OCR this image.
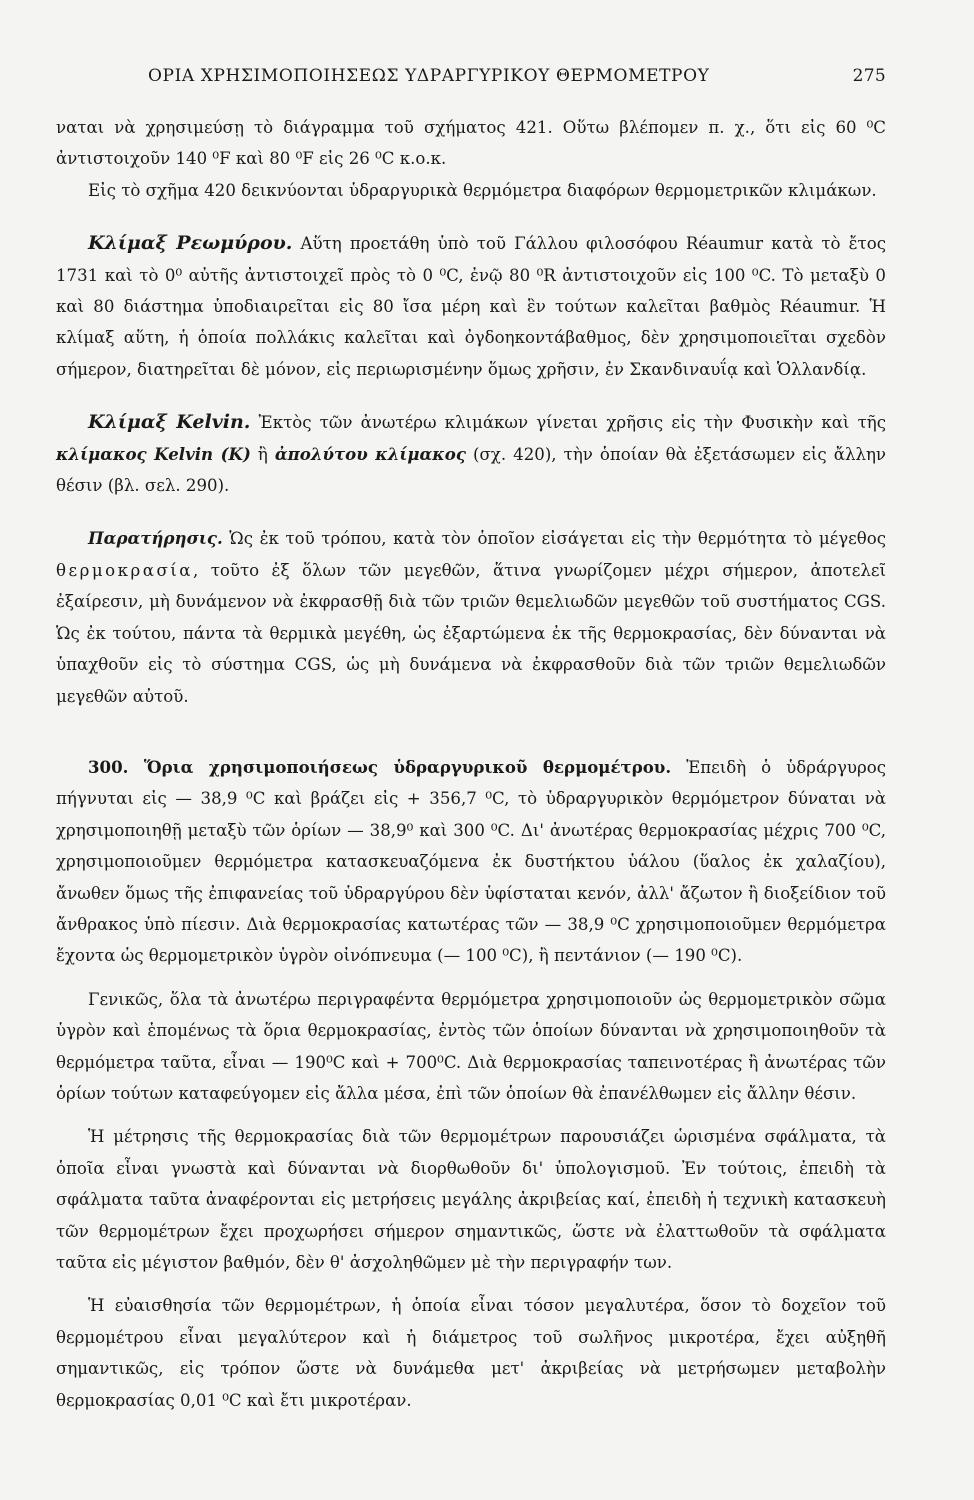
ΟΡΙΑ ΧΡΗΣΙΜΟΠΟΙΗΣΕΩΣ ΥΔΡΑΡΓΥΡΙΚΟΥ ΘΕΡΜΟΜΕΤΡΟΥ	275

ναται νὰ χρησιμεύσῃ τὸ διάγραμμα τοῦ σχήματος 421. Οὕτω βλέπομεν π. χ., ὅτι εἰς 60 ⁰C ἀντιστοιχοῦν 140 ⁰F καὶ 80 ⁰F εἰς 26 ⁰C κ.ο.κ.

Εἰς τὸ σχῆμα 420 δεικνύονται ὑδραργυρικὰ θερμόμετρα διαφόρων θερμομετρικῶν κλιμάκων.

Κλίμαξ Ρεωμύρου. Αὕτη προετάθη ὑπὸ τοῦ Γάλλου φιλοσόφου Réaumur κατὰ τὸ ἔτος 1731 καὶ τὸ 0⁰ αὐτῆς ἀντιστοιχεῖ πρὸς τὸ 0 ⁰C, ἐνῷ 80 ⁰R ἀντιστοιχοῦν εἰς 100 ⁰C. Τὸ μεταξὺ 0 καὶ 80 διάστημα ὑποδιαιρεῖται εἰς 80 ἴσα μέρη καὶ ἓν τούτων καλεῖται βαθμὸς Réaumur. Ἡ κλίμαξ αὕτη, ἡ ὁποία πολλάκις καλεῖται καὶ ὀγδοηκοντάβαθμος, δὲν χρησιμοποιεῖται σχεδὸν σήμερον, διατηρεῖται δὲ μόνον, εἰς περιωρισμένην ὅμως χρῆσιν, ἐν Σκανδιναυΐᾳ καὶ Ὁλλανδίᾳ.

Κλίμαξ Kelvin. Ἐκτὸς τῶν ἀνωτέρω κλιμάκων γίνεται χρῆσις εἰς τὴν Φυσικὴν καὶ τῆς κλίμακος Kelvin (K) ἢ ἀπολύτου κλίμακος (σχ. 420), τὴν ὁποίαν θὰ ἐξετάσωμεν εἰς ἄλλην θέσιν (βλ. σελ. 290).

Παρατήρησις. Ὡς ἐκ τοῦ τρόπου, κατὰ τὸν ὁποῖον εἰσάγεται εἰς τὴν θερμότητα τὸ μέγεθος θερμοκρασία, τοῦτο ἐξ ὅλων τῶν μεγεθῶν, ἅτινα γνωρίζομεν μέχρι σήμερον, ἀποτελεῖ ἐξαίρεσιν, μὴ δυνάμενον νὰ ἐκφρασθῇ διὰ τῶν τριῶν θεμελιωδῶν μεγεθῶν τοῦ συστήματος CGS. Ὡς ἐκ τούτου, πάντα τὰ θερμικὰ μεγέθη, ὡς ἐξαρτώμενα ἐκ τῆς θερμοκρασίας, δὲν δύνανται νὰ ὑπαχθοῦν εἰς τὸ σύστημα CGS, ὡς μὴ δυνάμενα νὰ ἐκφρασθοῦν διὰ τῶν τριῶν θεμελιωδῶν μεγεθῶν αὐτοῦ.

300. Ὅρια χρησιμοποιήσεως ὑδραργυρικοῦ θερμομέτρου. Ἐπειδὴ ὁ ὑδράργυρος πήγνυται εἰς — 38,9 ⁰C καὶ βράζει εἰς + 356,7 ⁰C, τὸ ὑδραργυρικὸν θερμόμετρον δύναται νὰ χρησιμοποιηθῇ μεταξὺ τῶν ὁρίων — 38,9⁰ καὶ 300 ⁰C. Δι' ἀνωτέρας θερμοκρασίας μέχρις 700 ⁰C, χρησιμοποιοῦμεν θερμόμετρα κατασκευαζόμενα ἐκ δυστήκτου ὑάλου (ὕαλος ἐκ χαλαζίου), ἄνωθεν ὅμως τῆς ἐπιφανείας τοῦ ὑδραργύρου δὲν ὑφίσταται κενόν, ἀλλ' ἄζωτον ἢ διοξείδιον τοῦ ἄνθρακος ὑπὸ πίεσιν. Διὰ θερμοκρασίας κατωτέρας τῶν — 38,9 ⁰C χρησιμοποιοῦμεν θερμόμετρα ἔχοντα ὡς θερμομετρικὸν ὑγρὸν οἰνόπνευμα (— 100 ⁰C), ἢ πεντάνιον (— 190 ⁰C).

Γενικῶς, ὅλα τὰ ἀνωτέρω περιγραφέντα θερμόμετρα χρησιμοποιοῦν ὡς θερμομετρικὸν σῶμα ὑγρὸν καὶ ἑπομένως τὰ ὅρια θερμοκρασίας, ἐντὸς τῶν ὁποίων δύνανται νὰ χρησιμοποιηθοῦν τὰ θερμόμετρα ταῦτα, εἶναι — 190⁰C καὶ + 700⁰C. Διὰ θερμοκρασίας ταπεινοτέρας ἢ ἀνωτέρας τῶν ὁρίων τούτων καταφεύγομεν εἰς ἄλλα μέσα, ἐπὶ τῶν ὁποίων θὰ ἐπανέλθωμεν εἰς ἄλλην θέσιν.

Ἡ μέτρησις τῆς θερμοκρασίας διὰ τῶν θερμομέτρων παρουσιάζει ὡρισμένα σφάλματα, τὰ ὁποῖα εἶναι γνωστὰ καὶ δύνανται νὰ διορθωθοῦν δι' ὑπολογισμοῦ. Ἐν τούτοις, ἐπειδὴ τὰ σφάλματα ταῦτα ἀναφέρονται εἰς μετρήσεις μεγάλης ἀκριβείας καί, ἐπειδὴ ἡ τεχνικὴ κατασκευὴ τῶν θερμομέτρων ἔχει προχωρήσει σήμερον σημαντικῶς, ὥστε νὰ ἐλαττωθοῦν τὰ σφάλματα ταῦτα εἰς μέγιστον βαθμόν, δὲν θ' ἀσχοληθῶμεν μὲ τὴν περιγραφήν των.

Ἡ εὐαισθησία τῶν θερμομέτρων, ἡ ὁποία εἶναι τόσον μεγαλυτέρα, ὅσον τὸ δοχεῖον τοῦ θερμομέτρου εἶναι μεγαλύτερον καὶ ἡ διάμετρος τοῦ σωλῆνος μικροτέρα, ἔχει αὐξηθῆ σημαντικῶς, εἰς τρόπον ὥστε νὰ δυνάμεθα μετ' ἀκριβείας νὰ μετρήσωμεν μεταβολὴν θερμοκρασίας 0,01 ⁰C καὶ ἔτι μικροτέραν.
